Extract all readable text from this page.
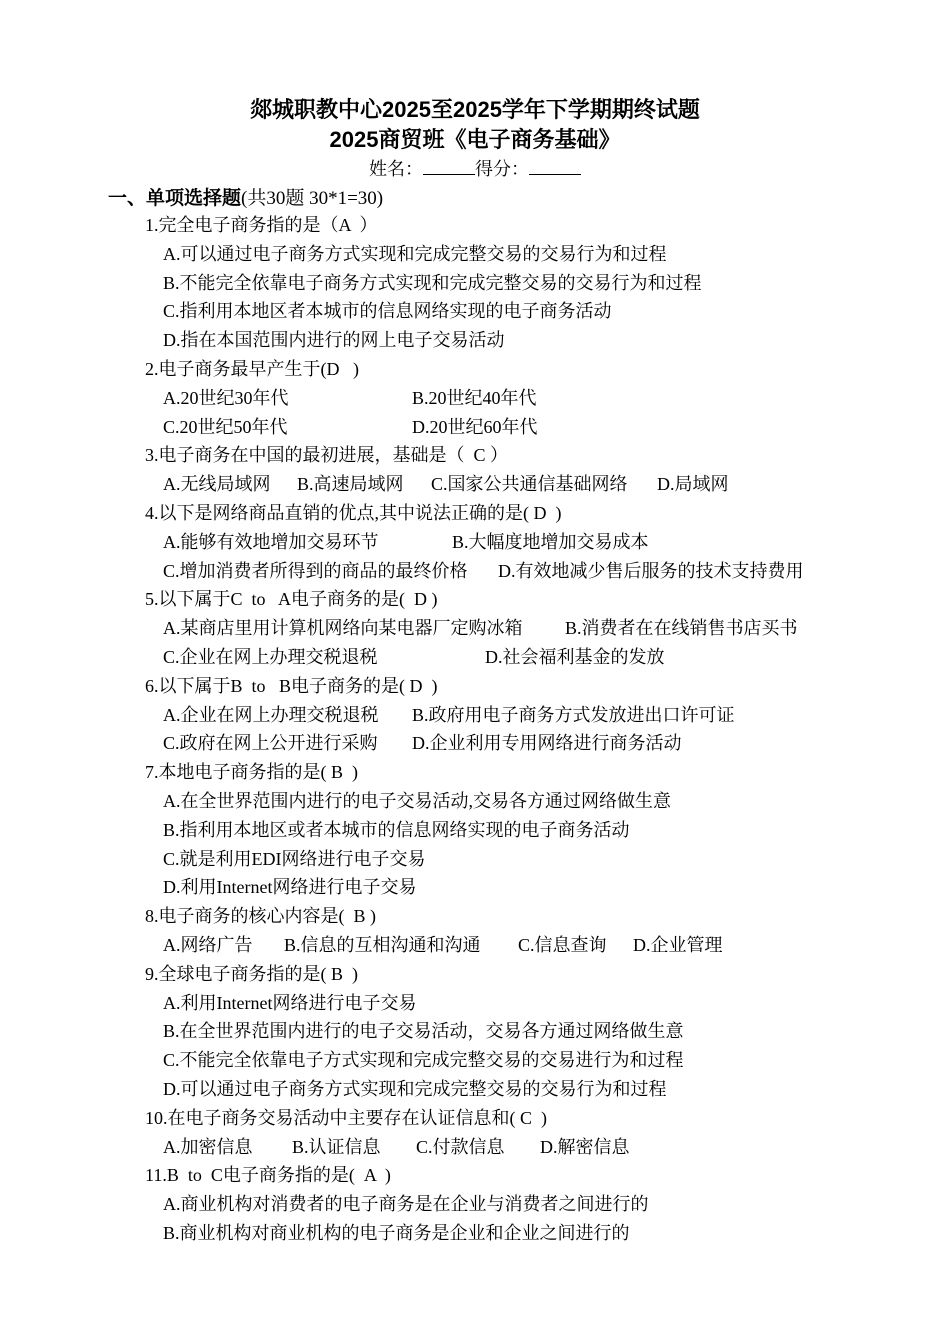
郯城职教中心2025至2025学年下学期期终试题
2025商贸班《电子商务基础》
姓名：	得分：
一、单项选择题(共30题 30*1=30)
1.完全电子商务指的是（A  ）
A.可以通过电子商务方式实现和完成完整交易的交易行为和过程
B.不能完全依靠电子商务方式实现和完成完整交易的交易行为和过程
C.指利用本地区者本城市的信息网络实现的电子商务活动
D.指在本国范围内进行的网上电子交易活动
2.电子商务最早产生于(D   )
A.20世纪30年代	B.20世纪40年代
C.20世纪50年代	D.20世纪60年代
3.电子商务在中国的最初进展，基础是（  C ）
A.无线局域网 B.高速局域网 C.国家公共通信基础网络 D.局域网
4.以下是网络商品直销的优点,其中说法正确的是( D  )
A.能够有效地增加交易环节	B.大幅度地增加交易成本
C.增加消费者所得到的商品的最终价格 D.有效地减少售后服务的技术支持费用
5.以下属于C  to   A电子商务的是(  D )
A.某商店里用计算机网络向某电器厂定购冰箱 B.消费者在在线销售书店买书
C.企业在网上办理交税退税	D.社会福利基金的发放
6.以下属于B  to   B电子商务的是( D  )
A.企业在网上办理交税退税 B.政府用电子商务方式发放进出口许可证
C.政府在网上公开进行采购 D.企业利用专用网络进行商务活动
7.本地电子商务指的是( B  )
A.在全世界范围内进行的电子交易活动,交易各方通过网络做生意
B.指利用本地区或者本城市的信息网络实现的电子商务活动
C.就是利用EDI网络进行电子交易
D.利用Internet网络进行电子交易
8.电子商务的核心内容是(  B )
A.网络广告 B.信息的互相沟通和沟通 C.信息查询 D.企业管理
9.全球电子商务指的是( B  )
A.利用Internet网络进行电子交易
B.在全世界范围内进行的电子交易活动，交易各方通过网络做生意
C.不能完全依靠电子方式实现和完成完整交易的交易进行为和过程
D.可以通过电子商务方式实现和完成完整交易的交易行为和过程
10.在电子商务交易活动中主要存在认证信息和( C  )
A.加密信息 B.认证信息 C.付款信息 D.解密信息
11.B  to  C电子商务指的是(  A  )
A.商业机构对消费者的电子商务是在企业与消费者之间进行的
B.商业机构对商业机构的电子商务是企业和企业之间进行的
